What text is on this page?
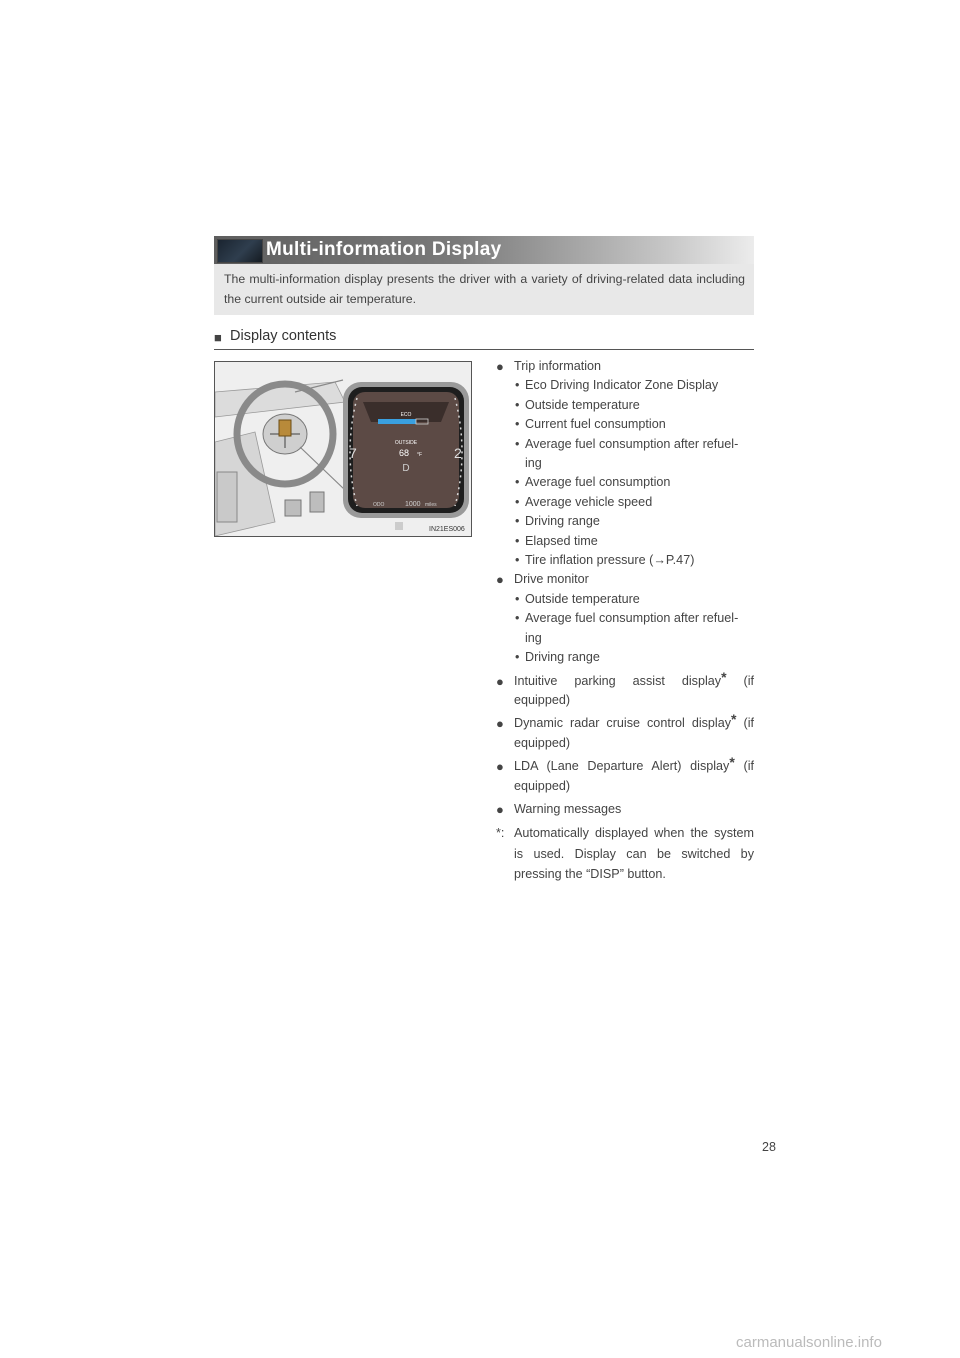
Multi-information Display
The multi-information display presents the driver with a variety of driving-related data including the current outside air temperature.
■ Display contents
ECO
OUTSIDE
68 °F
D
7	2
ODO	1000 miles
IN21ES006
● Trip information
• Eco Driving Indicator Zone Display
• Outside temperature
• Current fuel consumption
• Average fuel consumption after refuel-
ing
• Average fuel consumption
• Average vehicle speed
• Driving range
• Elapsed time
• Tire inflation pressure (→P.47)
● Drive monitor
• Outside temperature
• Average fuel consumption after refuel-
ing
• Driving range
● Intuitive parking assist display* (if equipped)
● Dynamic radar cruise control display* (if equipped)
● LDA (Lane Departure Alert) display* (if equipped)
● Warning messages
*: Automatically displayed when the system is used. Display can be switched by pressing the “DISP” button.
28
carmanualsonline.info
